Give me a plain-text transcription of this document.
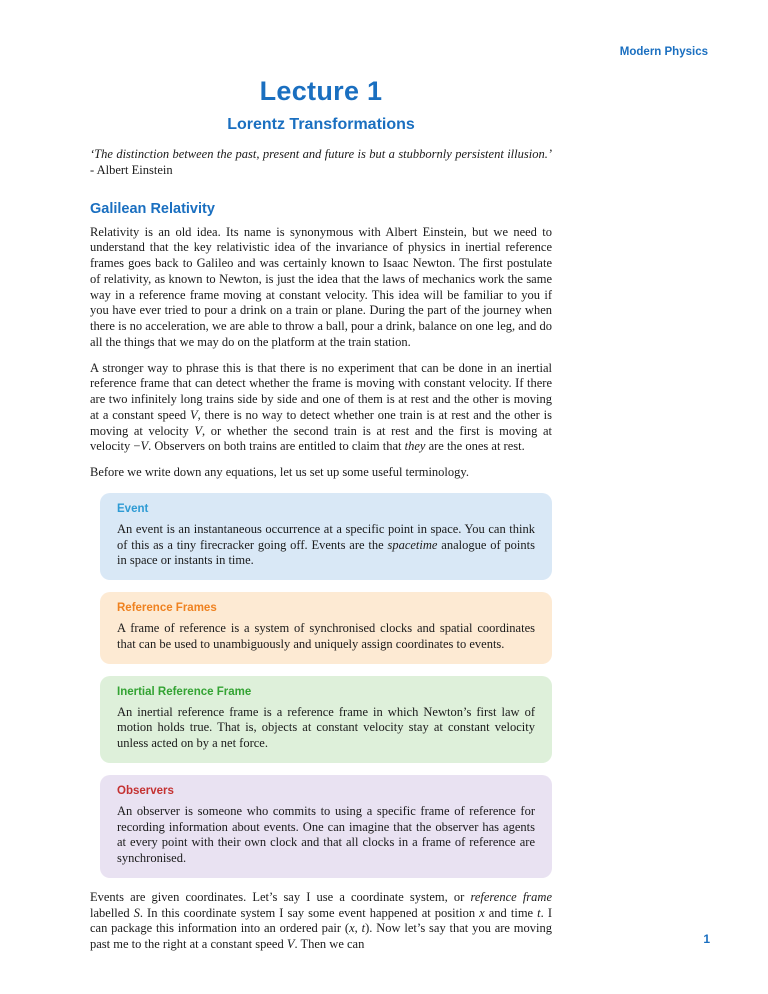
Modern Physics
Lecture 1
Lorentz Transformations

‘The distinction between the past, present and future is but a stubbornly persistent illusion.’ - Albert Einstein

Galilean Relativity

Relativity is an old idea. Its name is synonymous with Albert Einstein, but we need to understand that the key relativistic idea of the invariance of physics in inertial reference frames goes back to Galileo and was certainly known to Isaac Newton. The first postulate of relativity, as known to Newton, is just the idea that the laws of mechanics work the same way in a reference frame moving at constant velocity. This idea will be familiar to you if you have ever tried to pour a drink on a train or plane. During the part of the journey when there is no acceleration, we are able to throw a ball, pour a drink, balance on one leg, and do all the things that we may do on the platform at the train station.

A stronger way to phrase this is that there is no experiment that can be done in an inertial reference frame that can detect whether the frame is moving with constant velocity. If there are two infinitely long trains side by side and one of them is at rest and the other is moving at a constant speed V, there is no way to detect whether one train is at rest and the other is moving at velocity V, or whether the second train is at rest and the first is moving at velocity −V. Observers on both trains are entitled to claim that they are the ones at rest.

Before we write down any equations, let us set up some useful terminology.

Event

An event is an instantaneous occurrence at a specific point in space. You can think of this as a tiny firecracker going off. Events are the spacetime analogue of points in space or instants in time.

Reference Frames

A frame of reference is a system of synchronised clocks and spatial coordinates that can be used to unambiguously and uniquely assign coordinates to events.

Inertial Reference Frame

An inertial reference frame is a reference frame in which Newton’s first law of motion holds true. That is, objects at constant velocity stay at constant velocity unless acted on by a net force.

Observers

An observer is someone who commits to using a specific frame of reference for recording information about events. One can imagine that the observer has agents at every point with their own clock and that all clocks in a frame of reference are synchronised.

Events are given coordinates. Let’s say I use a coordinate system, or reference frame labelled S. In this coordinate system I say some event happened at position x and time t. I can package this information into an ordered pair (x, t). Now let’s say that you are moving past me to the right at a constant speed V. Then we can	1
